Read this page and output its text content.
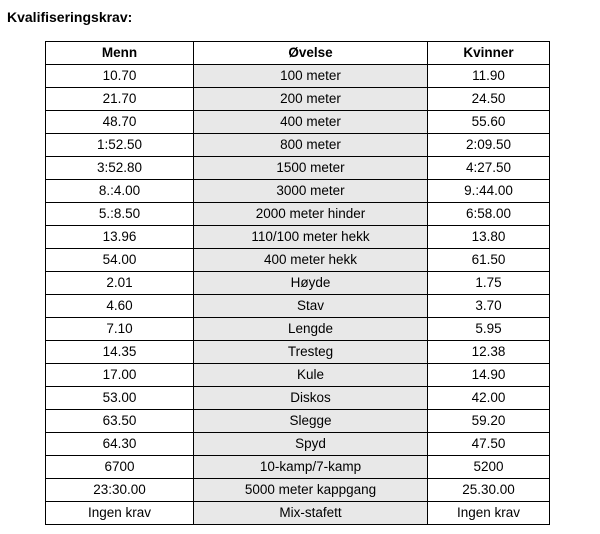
Kvalifiseringskrav:
Menn	Øvelse	Kvinner
10.70	100 meter	11.90
21.70	200 meter	24.50
48.70	400 meter	55.60
1:52.50	800 meter	2:09.50
3:52.80	1500 meter	4:27.50
8.:4.00	3000 meter	9.:44.00
5.:8.50	2000 meter hinder	6:58.00
13.96	110/100 meter hekk	13.80
54.00	400 meter hekk	61.50
2.01	Høyde	1.75
4.60	Stav	3.70
7.10	Lengde	5.95
14.35	Tresteg	12.38
17.00	Kule	14.90
53.00	Diskos	42.00
63.50	Slegge	59.20
64.30	Spyd	47.50
6700	10-kamp/7-kamp	5200
23:30.00	5000 meter kappgang	25.30.00
Ingen krav	Mix-stafett	Ingen krav
